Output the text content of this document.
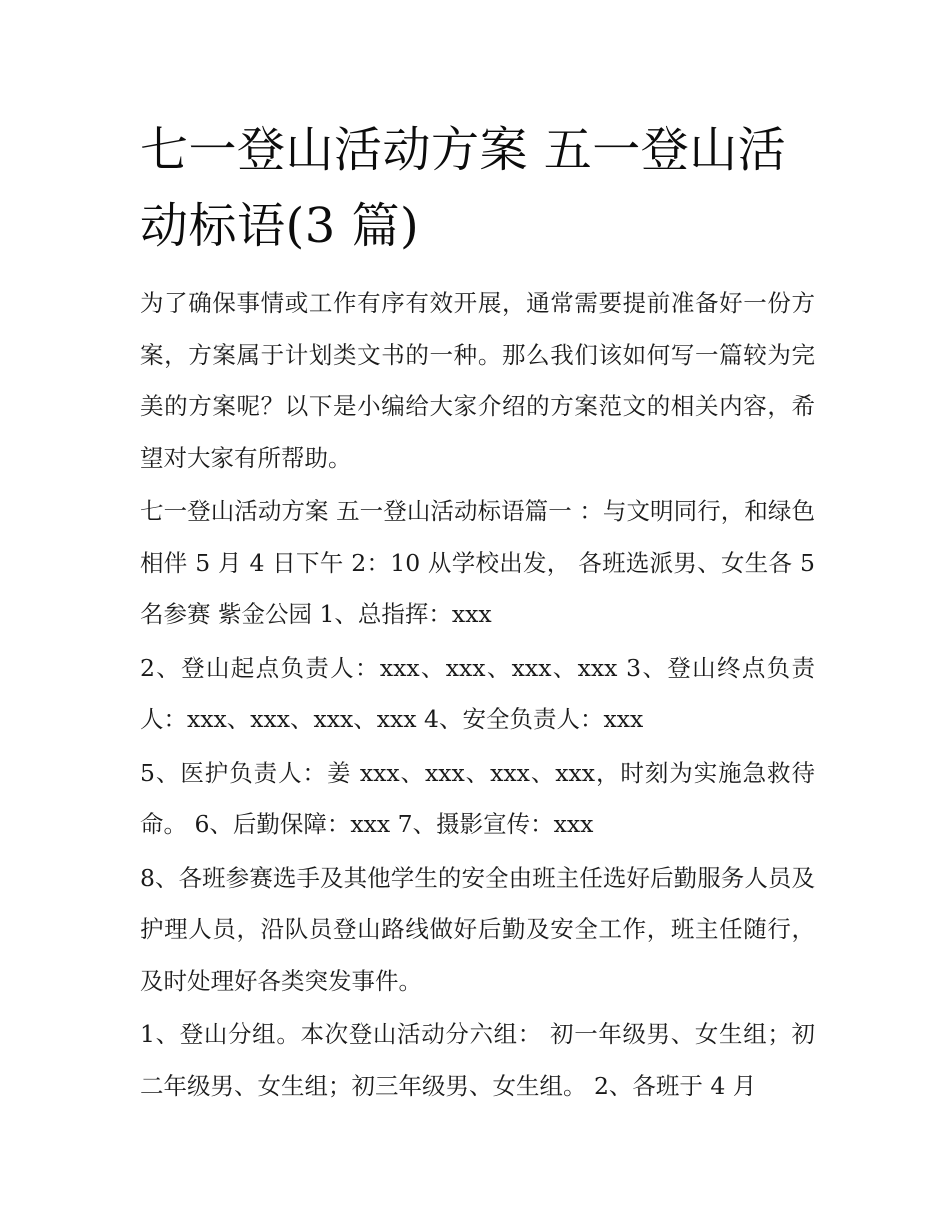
七一登山活动方案 五一登山活动标语(3 篇)

为了确保事情或工作有序有效开展，通常需要提前准备好一份方案，方案属于计划类文书的一种。那么我们该如何写一篇较为完美的方案呢？以下是小编给大家介绍的方案范文的相关内容，希望对大家有所帮助。

七一登山活动方案 五一登山活动标语篇一 ：与文明同行，和绿色相伴 5 月 4 日下午 2：10 从学校出发， 各班选派男、女生各 5 名参赛 紫金公园 1、总指挥：xxx

2、登山起点负责人：xxx、xxx、xxx、xxx 3、登山终点负责人：xxx、xxx、xxx、xxx 4、安全负责人：xxx

5、医护负责人：姜 xxx、xxx、xxx、xxx，时刻为实施急救待命。 6、后勤保障：xxx 7、摄影宣传：xxx

8、各班参赛选手及其他学生的安全由班主任选好后勤服务人员及护理人员，沿队员登山路线做好后勤及安全工作，班主任随行，及时处理好各类突发事件。

1、登山分组。本次登山活动分六组： 初一年级男、女生组；初二年级男、女生组；初三年级男、女生组。 2、各班于 4 月
